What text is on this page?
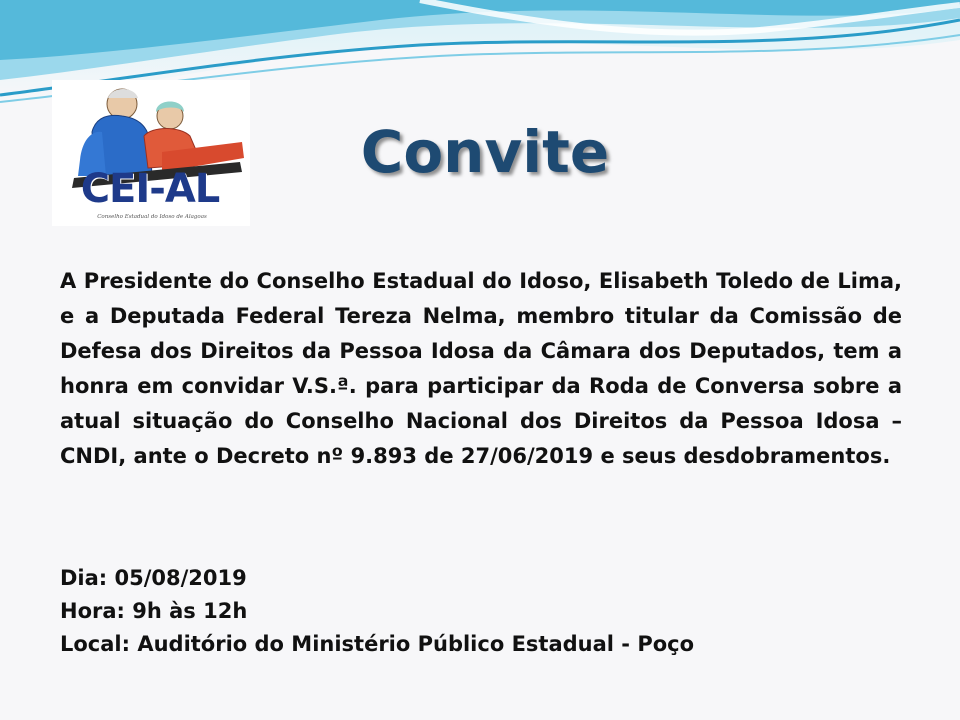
CEI-AL
Conselho Estadual do Idoso de Alagoas
Convite
A Presidente do Conselho Estadual do Idoso, Elisabeth Toledo de Lima, e a Deputada Federal Tereza Nelma, membro titular da Comissão de Defesa dos Direitos da Pessoa Idosa da Câmara dos Deputados, tem a honra em convidar V.S.ª. para participar da Roda de Conversa sobre a atual situação do Conselho Nacional dos Direitos da Pessoa Idosa – CNDI, ante o Decreto nº 9.893 de 27/06/2019 e seus desdobramentos.
Dia: 05/08/2019
Hora: 9h às 12h
Local: Auditório do Ministério Público Estadual - Poço
